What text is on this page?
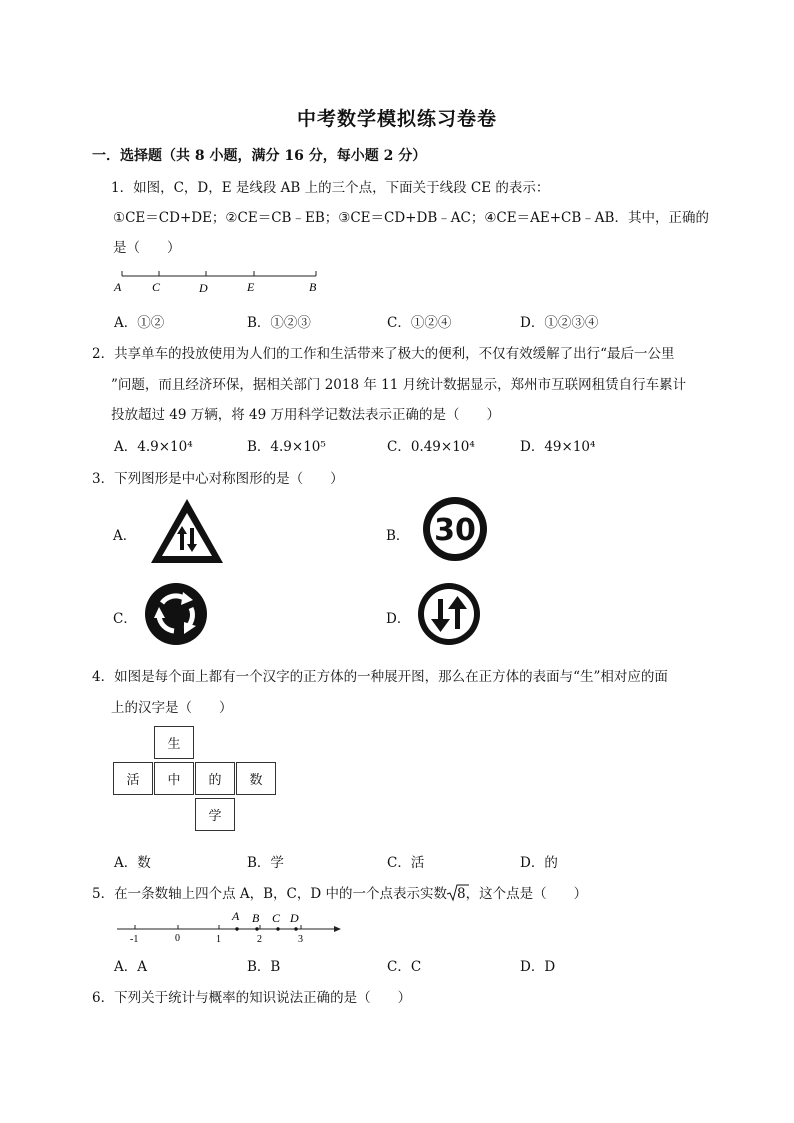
中考数学模拟练习卷卷
一．选择题（共 8 小题，满分 16 分，每小题 2 分）
1．如图，C，D，E 是线段 AB 上的三个点，下面关于线段 CE 的表示：
①CE＝CD+DE；②CE＝CB﹣EB；③CE＝CD+DB﹣AC；④CE＝AE+CB﹣AB．其中，正确的
是（　　）
A	C	D	E	B
A．①②	B．①②③	C．①②④	D．①②③④
2．共享单车的投放使用为人们的工作和生活带来了极大的便利，不仅有效缓解了出行“最后一公里
”问题，而且经济环保，据相关部门 2018 年 11 月统计数据显示，郑州市互联网租赁自行车累计
投放超过 49 万辆，将 49 万用科学记数法表示正确的是（　　）
A．4.9×10⁴	B．4.9×10⁵	C．0.49×10⁴	D．49×10⁴
3．下列图形是中心对称图形的是（　　）
A．	B． 30
C．	D．
4．如图是每个面上都有一个汉字的正方体的一种展开图，那么在正方体的表面与“生”相对应的面
上的汉字是（　　）
生
活	中	的	数
学
A．数	B．学	C．活	D．的
5．在一条数轴上四个点 A，B，C，D 中的一个点表示实数 8，这个点是（　　）
A B C D
-1	0	1	2	3
A．A	B．B	C．C	D．D
6．下列关于统计与概率的知识说法正确的是（　　）
